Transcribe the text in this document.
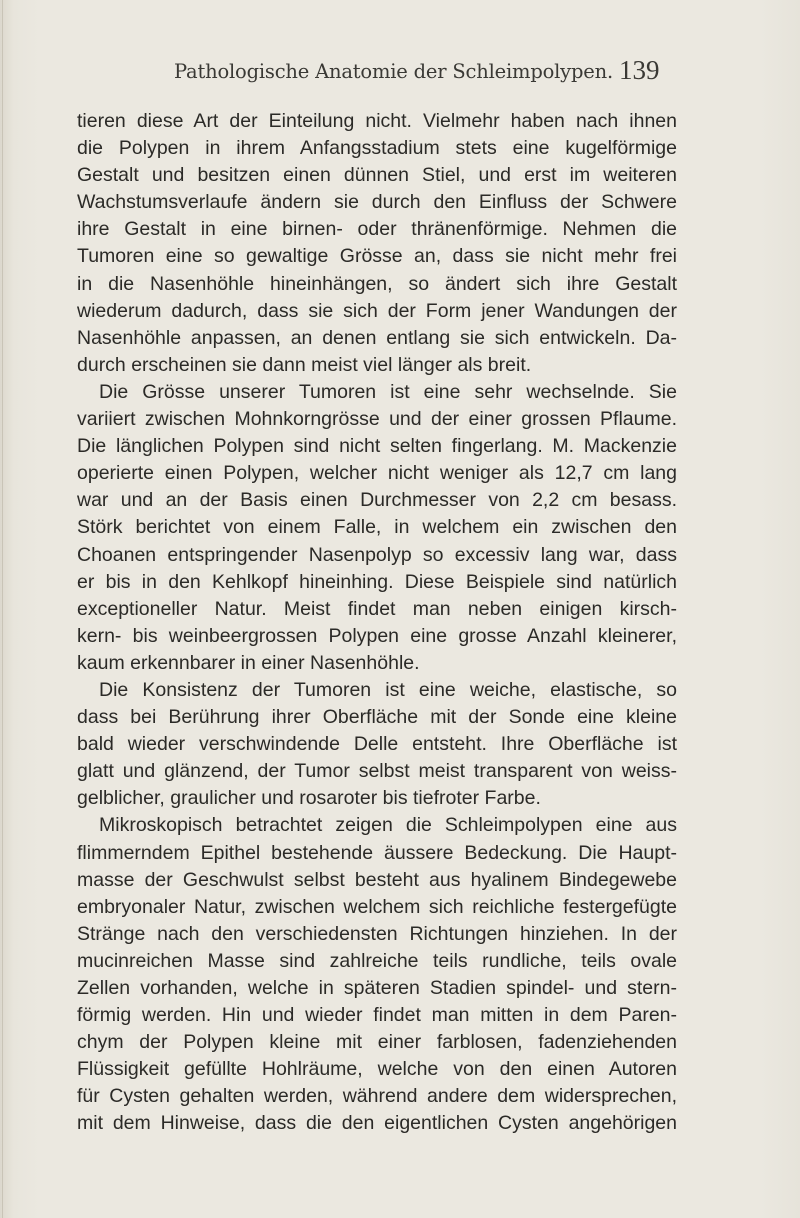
Pathologische Anatomie der Schleimpolypen. 139
tieren diese Art der Einteilung nicht. Vielmehr haben nach ihnen
die Polypen in ihrem Anfangsstadium stets eine kugelförmige
Gestalt und besitzen einen dünnen Stiel, und erst im weiteren
Wachstumsverlaufe ändern sie durch den Einfluss der Schwere
ihre Gestalt in eine birnen- oder thränenförmige. Nehmen die
Tumoren eine so gewaltige Grösse an, dass sie nicht mehr frei
in die Nasenhöhle hineinhängen, so ändert sich ihre Gestalt
wiederum dadurch, dass sie sich der Form jener Wandungen der
Nasenhöhle anpassen, an denen entlang sie sich entwickeln. Da-
durch erscheinen sie dann meist viel länger als breit.
Die Grösse unserer Tumoren ist eine sehr wechselnde. Sie
variiert zwischen Mohnkorngrösse und der einer grossen Pflaume.
Die länglichen Polypen sind nicht selten fingerlang. M. Mackenzie
operierte einen Polypen, welcher nicht weniger als 12,7 cm lang
war und an der Basis einen Durchmesser von 2,2 cm besass.
Störk berichtet von einem Falle, in welchem ein zwischen den
Choanen entspringender Nasenpolyp so excessiv lang war, dass
er bis in den Kehlkopf hineinhing. Diese Beispiele sind natürlich
exceptioneller Natur. Meist findet man neben einigen kirsch-
kern- bis weinbeergrossen Polypen eine grosse Anzahl kleinerer,
kaum erkennbarer in einer Nasenhöhle.
Die Konsistenz der Tumoren ist eine weiche, elastische, so
dass bei Berührung ihrer Oberfläche mit der Sonde eine kleine
bald wieder verschwindende Delle entsteht. Ihre Oberfläche ist
glatt und glänzend, der Tumor selbst meist transparent von weiss-
gelblicher, graulicher und rosaroter bis tiefroter Farbe.
Mikroskopisch betrachtet zeigen die Schleimpolypen eine aus
flimmerndem Epithel bestehende äussere Bedeckung. Die Haupt-
masse der Geschwulst selbst besteht aus hyalinem Bindegewebe
embryonaler Natur, zwischen welchem sich reichliche festergefügte
Stränge nach den verschiedensten Richtungen hinziehen. In der
mucinreichen Masse sind zahlreiche teils rundliche, teils ovale
Zellen vorhanden, welche in späteren Stadien spindel- und stern-
förmig werden. Hin und wieder findet man mitten in dem Paren-
chym der Polypen kleine mit einer farblosen, fadenziehenden
Flüssigkeit gefüllte Hohlräume, welche von den einen Autoren
für Cysten gehalten werden, während andere dem widersprechen,
mit dem Hinweise, dass die den eigentlichen Cysten angehörigen
